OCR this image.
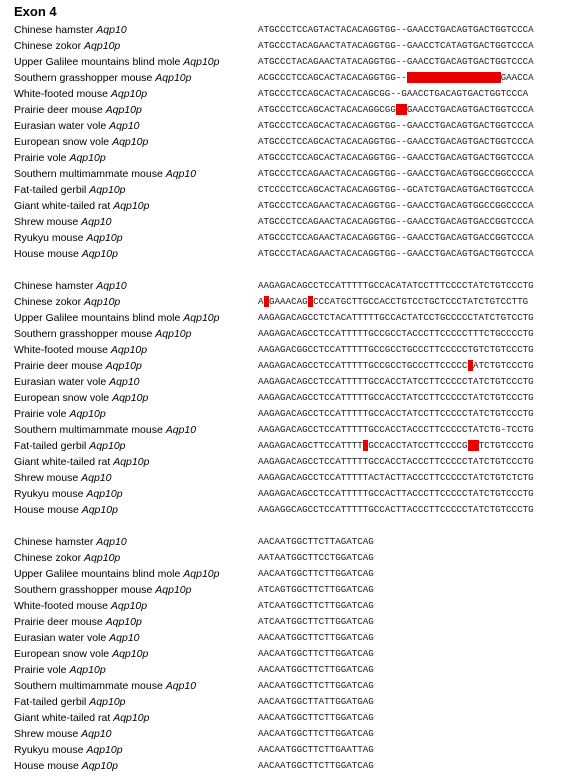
Exon 4
Chinese hamster Aqp10	ATGCCCTCCAGTACTACACAGGTGG--GAACCTGACAGTGACTGGTCCCA
Chinese zokor Aqp10p	ATGCCCTACAGAACTATACAGGTGG--GAACCTCATAGTGACTGGTCCCA
Upper Galilee mountains blind mole Aqp10p	ATGCCCTACAGAACTATACAGGTGG--GAACCTGACAGTGACTGGTCCCA
Southern grasshopper mouse Aqp10p	ACGCCCTCCAGCACTACACAGGTGG--GAACCTGACAGTGACTGGAACCA
White-footed mouse Aqp10p	ATGCCCTCCAGCACTACACAGCGG--GAACCTGACAGTGACTGGTCCCA
Prairie deer mouse Aqp10p	ATGCCCTCCAGCACTACACAGGCGGGGGAACCTGACAGTGACTGGTCCCA
Eurasian water vole Aqp10	ATGCCCTCCAGCACTACACAGGTGG--GAACCTGACAGTGACTGGTCCCA
European snow vole Aqp10p	ATGCCCTCCAGCACTACACAGGTGG--GAACCTGACAGTGACTGGTCCCA
Prairie vole Aqp10p	ATGCCCTCCAGCACTACACAGGTGG--GAACCTGACAGTGACTGGTCCCA
Southern multimammate mouse Aqp10	ATGCCCTCCAGAACTACACAGGTGG--GAACCTGACAGTGGCCGGCCCCA
Fat-tailed gerbil Aqp10p	CTCCCCTCCAGCACTACACAGGTGG--GCATCTGACAGTGACTGGTCCCA
Giant white-tailed rat Aqp10p	ATGCCCTCCAGAACTACACAGGTGG--GAACCTGACAGTGGCCGGCCCCA
Shrew mouse Aqp10	ATGCCCTCCAGAACTACACAGGTGG--GAACCTGACAGTGACCGGTCCCA
Ryukyu mouse Aqp10p	ATGCCCTCCAGAACTACACAGGTGG--GAACCTGACAGTGACCGGTCCCA
House mouse Aqp10p	ATGCCCTACAGAACTACACAGGTGG--GAACCTGACAGTGACTGGTCCCA
Chinese hamster Aqp10	AAGAGACAGCCTCCATTTTTGCCACATATCCTTTCCCCTATCTGTCCCTG
Chinese zokor Aqp10p	AGGAAACAGCCCCATGCTTGCCACCTGTCCTGCTCCCTATCTGTCCTTG
Upper Galilee mountains blind mole Aqp10p	AAGAGACAGCCTCTACATTTTTGCCACTATCCTGCCCCCTATCTGTCCTG
Southern grasshopper mouse Aqp10p	AAGAGACAGCCTCCATTTTTGCCGCCTACCCTTCCCCCTTTCTGCCCCTG
White-footed mouse Aqp10p	AAGAGACGGCCTCCATTTTTGCCGCCTGCCCTTCCCCCTGTCTGTCCCTG
Prairie deer mouse Aqp10p	AAGAGACAGCCTCCATTTTTGCCGCCTGCCCTTCCCCCTATCTGTCCCTG
Eurasian water vole Aqp10	AAGAGACAGCCTCCATTTTTGCCACCTATCCTTCCCCCTATCTGTCCCTG
European snow vole Aqp10p	AAGAGACAGCCTCCATTTTTGCCACCTATCCTTCCCCCTATCTGTCCCTG
Prairie vole Aqp10p	AAGAGACAGCCTCCATTTTTGCCACCTATCCTTCCCCCTATCTGTCCCTG
Southern multimammate mouse Aqp10	AAGAGACAGCCTCCATTTTTGCCACCTACCCTTCCCCCTATCTG-TCCTG
Fat-tailed gerbil Aqp10p	AAGAGACAGCTTCCATTTTTGCCACCTATCCTTCCCCGCCTCTGTCCCTG
Giant white-tailed rat Aqp10p	AAGAGACAGCCTCCATTTTTGCCACCTACCCTTCCCCCTATCTGTCCCTG
Shrew mouse Aqp10	AAGAGACAGCCTCCATTTTTACTACTTACCCTTCCCCCTATCTGTCTCTG
Ryukyu mouse Aqp10p	AAGAGACAGCCTCCATTTTTGCCACTTACCCTTCCCCCTATCTGTCCCTG
House mouse Aqp10p	AAGAGGCAGCCTCCATTTTTGCCACTTACCCTTCCCCCTATCTGTCCCTG
Chinese hamster Aqp10	AACAATGGCTTCTTAGATCAG
Chinese zokor Aqp10p	AATAATGGCTTCCTGGATCAG
Upper Galilee mountains blind mole Aqp10p	AACAATGGCTTCTTGGATCAG
Southern grasshopper mouse Aqp10p	ATCAGTGGCTTCTTGGATCAG
White-footed mouse Aqp10p	ATCAATGGCTTCTTGGATCAG
Prairie deer mouse Aqp10p	ATCAATGGCTTCTTGGATCAG
Eurasian water vole Aqp10	AACAATGGCTTCTTGGATCAG
European snow vole Aqp10p	AACAATGGCTTCTTGGATCAG
Prairie vole Aqp10p	AACAATGGCTTCTTGGATCAG
Southern multimammate mouse Aqp10	AACAATGGCTTCTTGGATCAG
Fat-tailed gerbil Aqp10p	AACAATGGCTTATTGGATGAG
Giant white-tailed rat Aqp10p	AACAATGGCTTCTTGGATCAG
Shrew mouse Aqp10	AACAATGGCTTCTTGGATCAG
Ryukyu mouse Aqp10p	AACAATGGCTTCTTGAATTAG
House mouse Aqp10p	AACAATGGCTTCTTGGATCAG
